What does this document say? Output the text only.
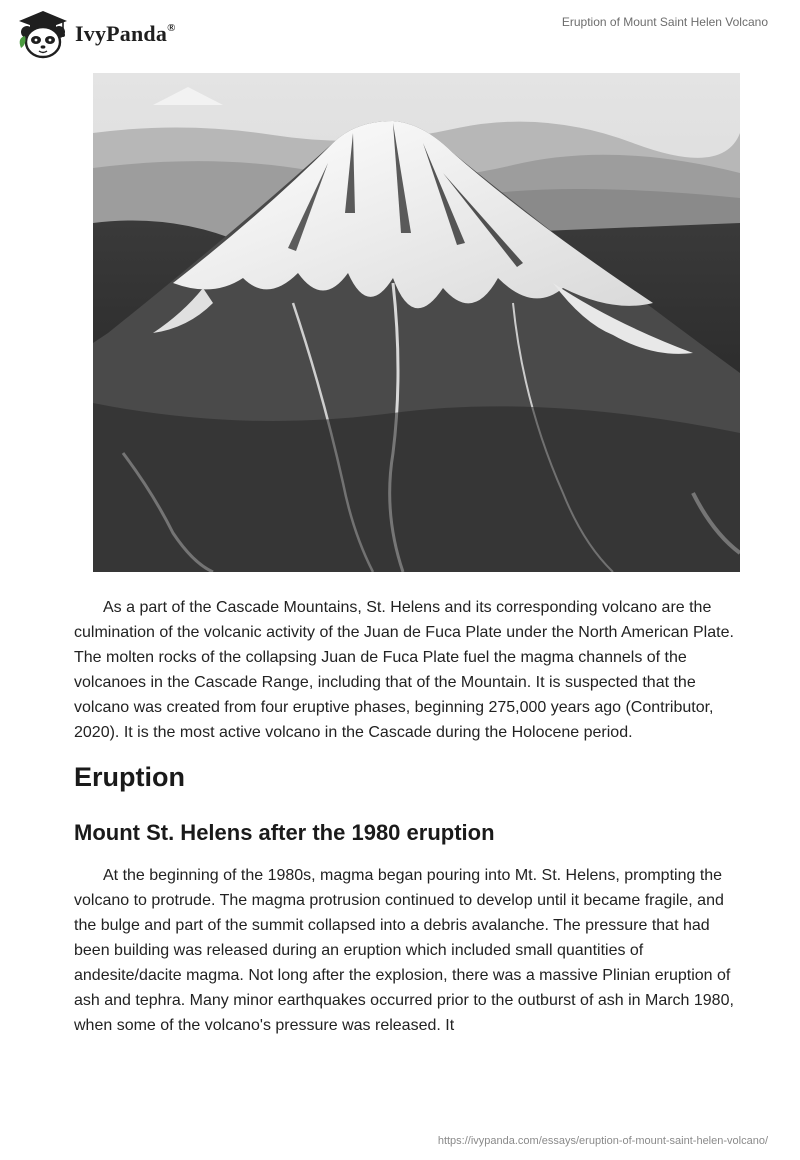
IvyPanda®	Eruption of Mount Saint Helen Volcano

As a part of the Cascade Mountains, St. Helens and its corresponding volcano are the culmination of the volcanic activity of the Juan de Fuca Plate under the North American Plate. The molten rocks of the collapsing Juan de Fuca Plate fuel the magma channels of the volcanoes in the Cascade Range, including that of the Mountain. It is suspected that the volcano was created from four eruptive phases, beginning 275,000 years ago (Contributor, 2020). It is the most active volcano in the Cascade during the Holocene period.

Eruption
Mount St. Helens after the 1980 eruption

At the beginning of the 1980s, magma began pouring into Mt. St. Helens, prompting the volcano to protrude. The magma protrusion continued to develop until it became fragile, and the bulge and part of the summit collapsed into a debris avalanche. The pressure that had been building was released during an eruption which included small quantities of andesite/dacite magma. Not long after the explosion, there was a massive Plinian eruption of ash and tephra. Many minor earthquakes occurred prior to the outburst of ash in March 1980, when some of the volcano's pressure was released. It

https://ivypanda.com/essays/eruption-of-mount-saint-helen-volcano/
